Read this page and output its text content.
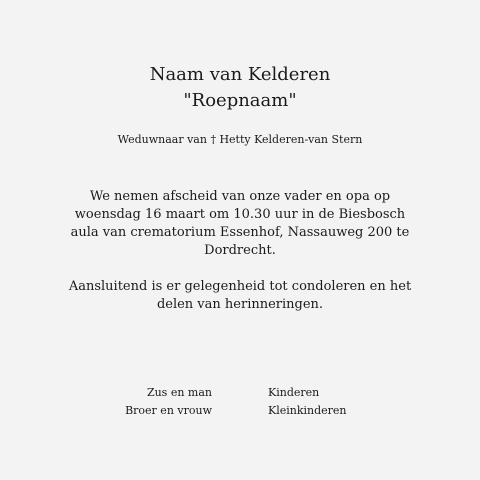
Naam van Kelderen
"Roepnaam"
Weduwnaar van † Hetty Kelderen-van Stern

We nemen afscheid van onze vader en opa op woensdag 16 maart om 10.30 uur in de Biesbosch aula van crematorium Essenhof, Nassauweg 200 te Dordrecht.

Aansluitend is er gelegenheid tot condoleren en het delen van herinneringen.

Zus en man
Broer en vrouw
Kinderen
Kleinkinderen
